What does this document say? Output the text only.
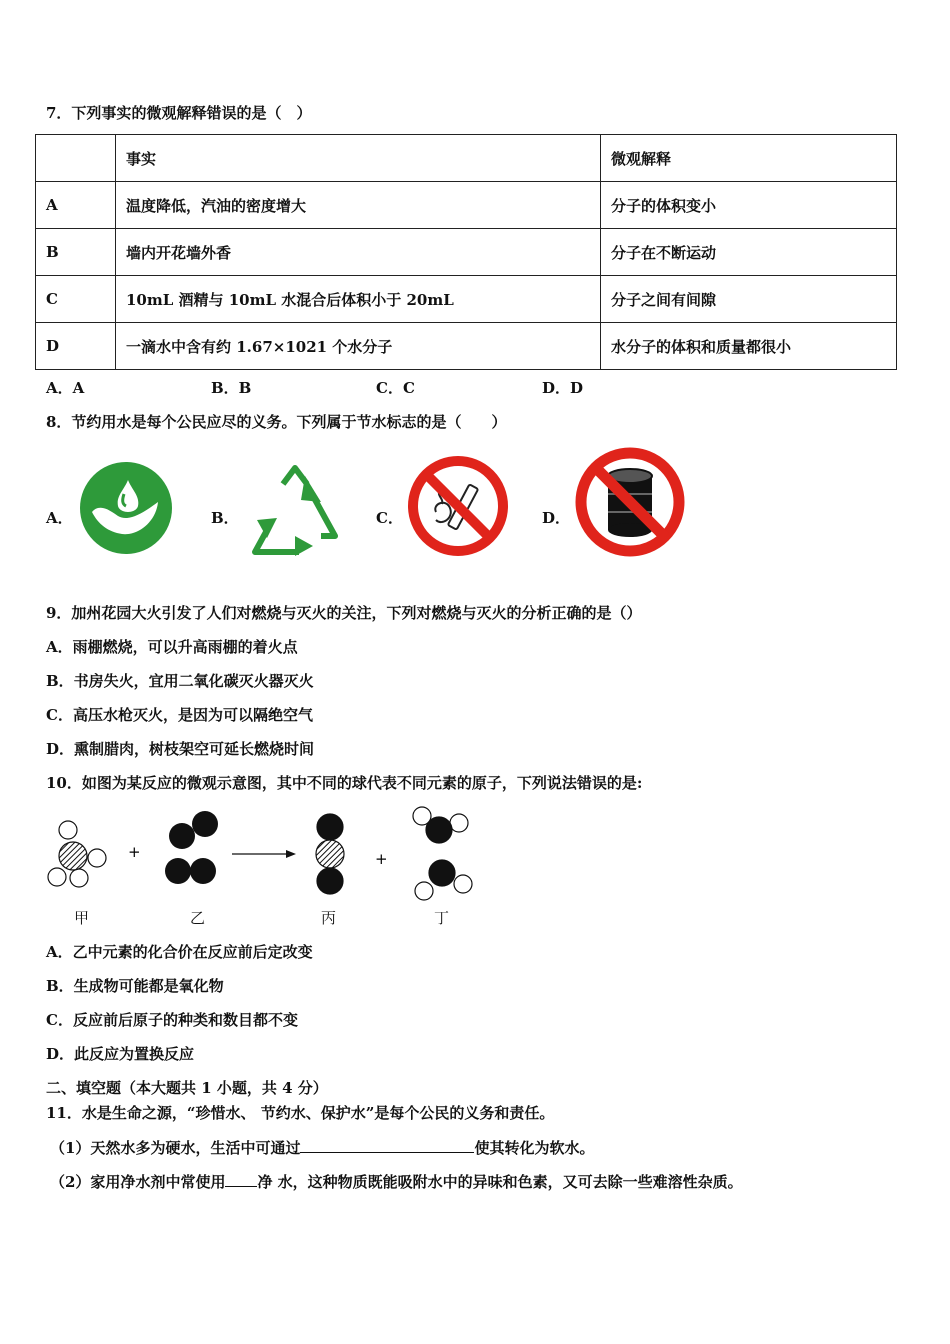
7．下列事实的微观解释错误的是（　）
	事实	微观解释
A	温度降低，汽油的密度增大	分子的体积变小
B	墙内开花墙外香	分子在不断运动
C	10mL 酒精与 10mL 水混合后体积小于 20mL	分子之间有间隙
D	一滴水中含有约 1.67×1021 个水分子	水分子的体积和质量都很小
A．A	B．B	C．C	D．D
8．节约用水是每个公民应尽的义务。下列属于节水标志的是（　　）
A．	B．	C．	D．
9．加州花园大火引发了人们对燃烧与灭火的关注，下列对燃烧与灭火的分析正确的是（）
A．雨棚燃烧，可以升高雨棚的着火点
B．书房失火，宜用二氧化碳灭火器灭火
C．高压水枪灭火，是因为可以隔绝空气
D．熏制腊肉，树枝架空可延长燃烧时间
10．如图为某反应的微观示意图，其中不同的球代表不同元素的原子，下列说法错误的是:
+	+
甲	乙	丙	丁
A．乙中元素的化合价在反应前后定改变
B．生成物可能都是氧化物
C．反应前后原子的种类和数目都不变
D．此反应为置换反应
二、填空题（本大题共 1 小题，共 4 分）
11．水是生命之源，“珍惜水、 节约水、保护水”是每个公民的义务和责任。
（1）天然水多为硬水，生活中可通过	使其转化为软水。
（2）家用净水剂中常使用 净 水，这种物质既能吸附水中的异味和色素，又可去除一些难溶性杂质。
